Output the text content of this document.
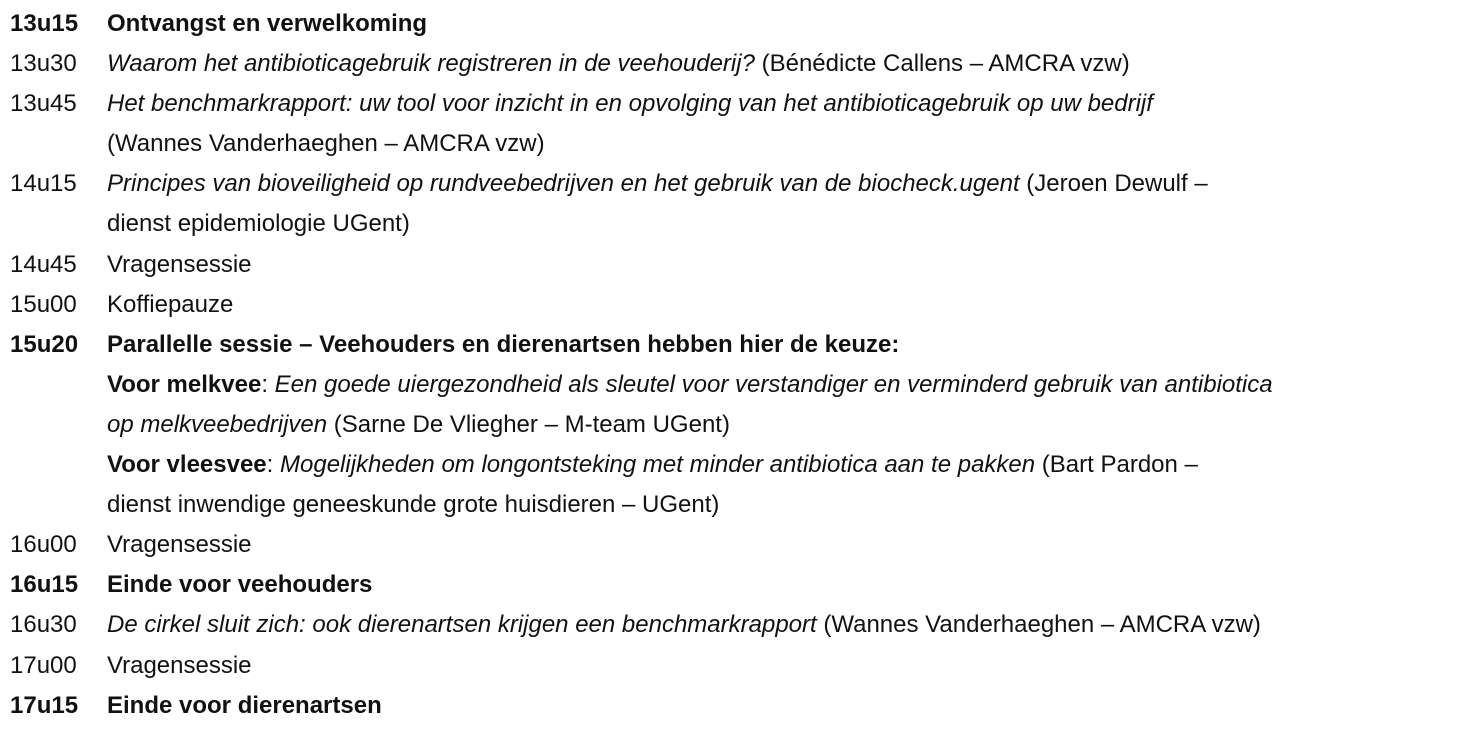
13u15	Ontvangst en verwelkoming
13u30	Waarom het antibioticagebruik registreren in de veehouderij? (Bénédicte Callens – AMCRA vzw)
13u45	Het benchmarkrapport: uw tool voor inzicht in en opvolging van het antibioticagebruik op uw bedrijf
(Wannes Vanderhaeghen – AMCRA vzw)
14u15	Principes van bioveiligheid op rundveebedrijven en het gebruik van de biocheck.ugent (Jeroen Dewulf –
dienst epidemiologie UGent)
14u45	Vragensessie
15u00	Koffiepauze
15u20	Parallelle sessie – Veehouders en dierenartsen hebben hier de keuze:
Voor melkvee: Een goede uiergezondheid als sleutel voor verstandiger en verminderd gebruik van antibiotica
op melkveebedrijven (Sarne De Vliegher – M-team UGent)
Voor vleesvee: Mogelijkheden om longontsteking met minder antibiotica aan te pakken (Bart Pardon –
dienst inwendige geneeskunde grote huisdieren – UGent)
16u00	Vragensessie
16u15	Einde voor veehouders
16u30	De cirkel sluit zich: ook dierenartsen krijgen een benchmarkrapport (Wannes Vanderhaeghen – AMCRA vzw)
17u00	Vragensessie
17u15	Einde voor dierenartsen
